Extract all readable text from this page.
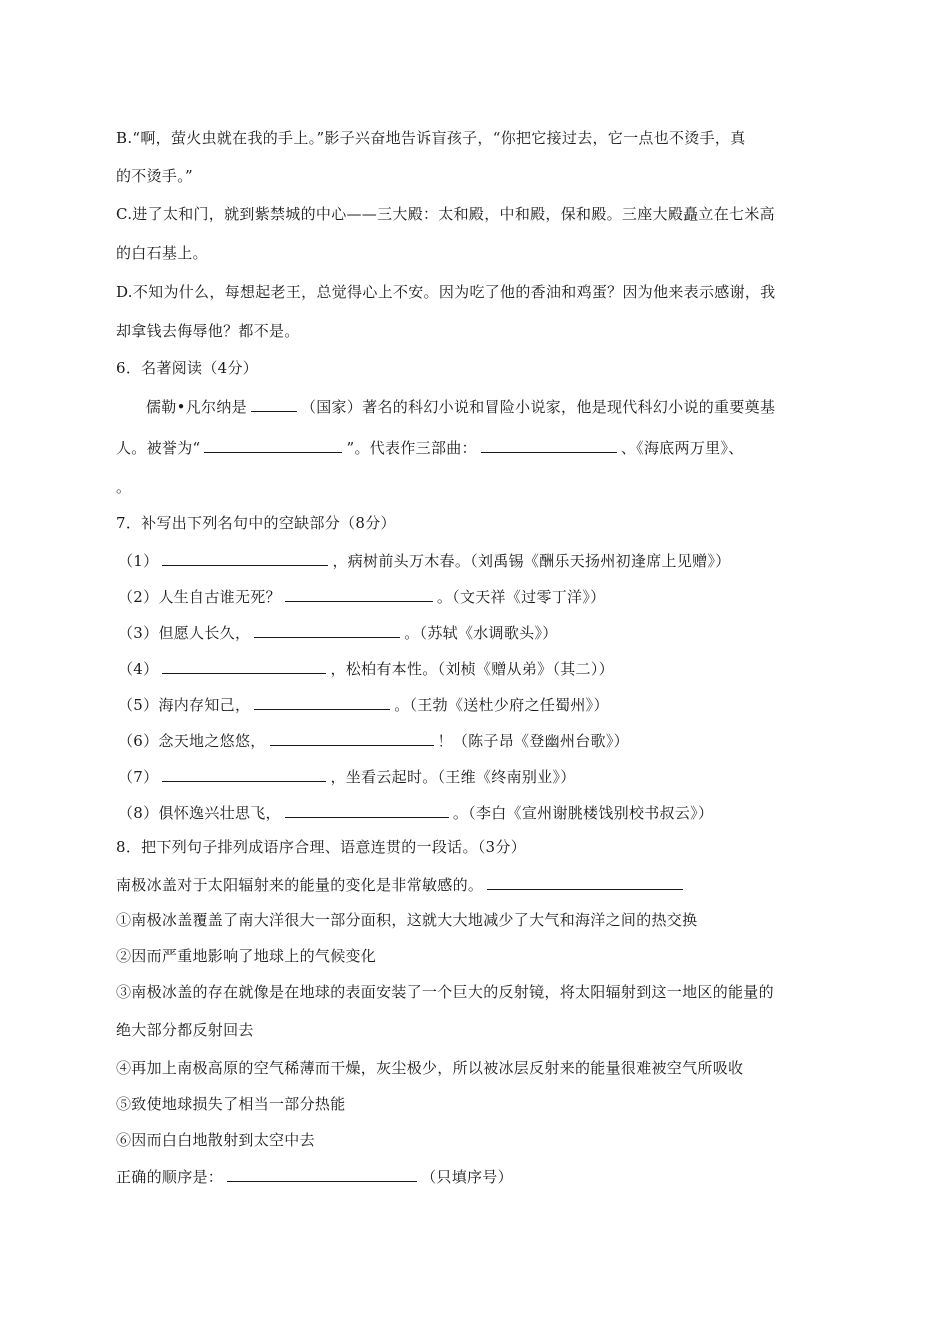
B.“啊，萤火虫就在我的手上。”影子兴奋地告诉盲孩子，“你把它接过去，它一点也不烫手，真
的不烫手。”
C.进了太和门，就到紫禁城的中心——三大殿：太和殿，中和殿，保和殿。三座大殿矗立在七米高
的白石基上。
D.不知为什么，每想起老王，总觉得心上不安。因为吃了他的香油和鸡蛋？因为他来表示感谢，我
却拿钱去侮辱他？都不是。
6．名著阅读（4分）
儒勒•凡尔纳是	（国家）著名的科幻小说和冒险小说家，他是现代科幻小说的重要奠基
人。被誉为“	”。代表作三部曲：	、《海底两万里》、
。
7．补写出下列名句中的空缺部分（8分）
（1）	，病树前头万木春。（刘禹锡《酬乐天扬州初逢席上见赠》）
（2）人生自古谁无死？	。（文天祥《过零丁洋》）
（3）但愿人长久，	。（苏轼《水调歌头》）
（4）	，松柏有本性。（刘桢《赠从弟》（其二））
（5）海内存知己，	。（王勃《送杜少府之任蜀州》）
（6）念天地之悠悠，	！（陈子昂《登幽州台歌》）
（7）	，坐看云起时。（王维《终南别业》）
（8）俱怀逸兴壮思飞，	。（李白《宣州谢朓楼饯别校书叔云》）
8．把下列句子排列成语序合理、语意连贯的一段话。（3分）
南极冰盖对于太阳辐射来的能量的变化是非常敏感的。
①南极冰盖覆盖了南大洋很大一部分面积，这就大大地减少了大气和海洋之间的热交换
②因而严重地影响了地球上的气候变化
③南极冰盖的存在就像是在地球的表面安装了一个巨大的反射镜，将太阳辐射到这一地区的能量的
绝大部分都反射回去
④再加上南极高原的空气稀薄而干燥，灰尘极少，所以被冰层反射来的能量很难被空气所吸收
⑤致使地球损失了相当一部分热能
⑥因而白白地散射到太空中去
正确的顺序是：	（只填序号）
